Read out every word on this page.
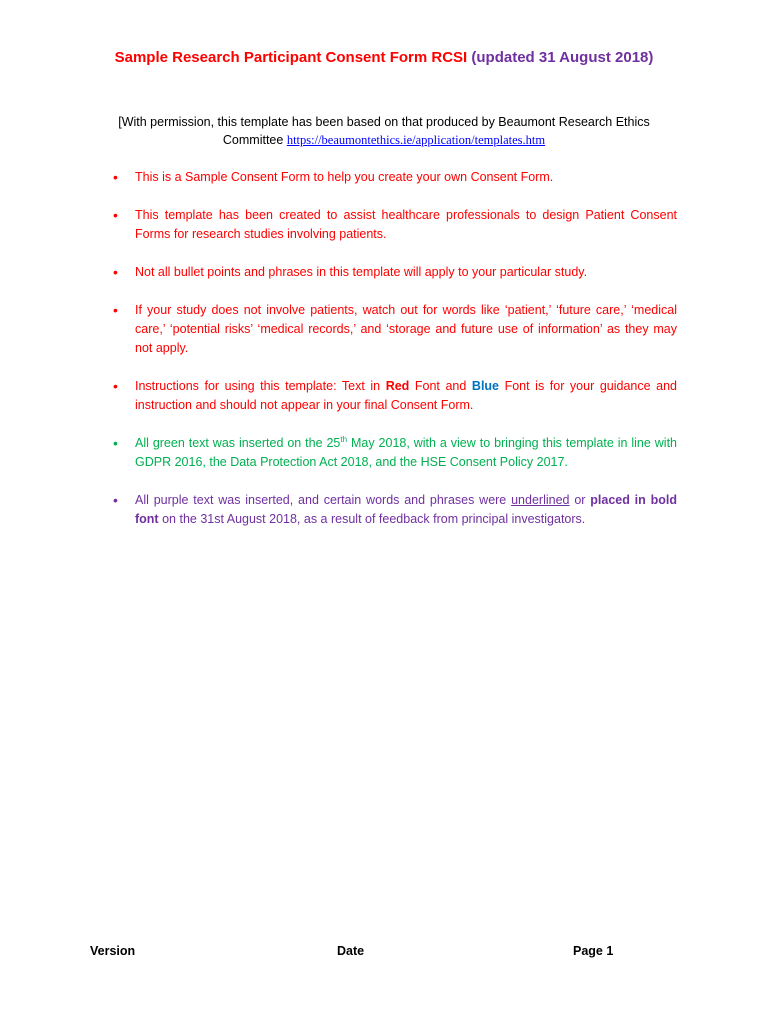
Sample Research Participant Consent Form RCSI (updated 31 August 2018)
[With permission, this template has been based on that produced by Beaumont Research Ethics Committee https://beaumontethics.ie/application/templates.htm
• This is a Sample Consent Form to help you create your own Consent Form.
• This template has been created to assist healthcare professionals to design Patient Consent Forms for research studies involving patients.
• Not all bullet points and phrases in this template will apply to your particular study.
• If your study does not involve patients, watch out for words like ‘patient,’ ‘future care,’ ‘medical care,’ ‘potential risks’ ‘medical records,’ and ‘storage and future use of information’ as they may not apply.
• Instructions for using this template: Text in Red Font and Blue Font is for your guidance and instruction and should not appear in your final Consent Form.
• All green text was inserted on the 25th May 2018, with a view to bringing this template in line with GDPR 2016, the Data Protection Act 2018, and the HSE Consent Policy 2017.
• All purple text was inserted, and certain words and phrases were underlined or placed in bold font on the 31st August 2018, as a result of feedback from principal investigators.
Version	Date	Page 1
